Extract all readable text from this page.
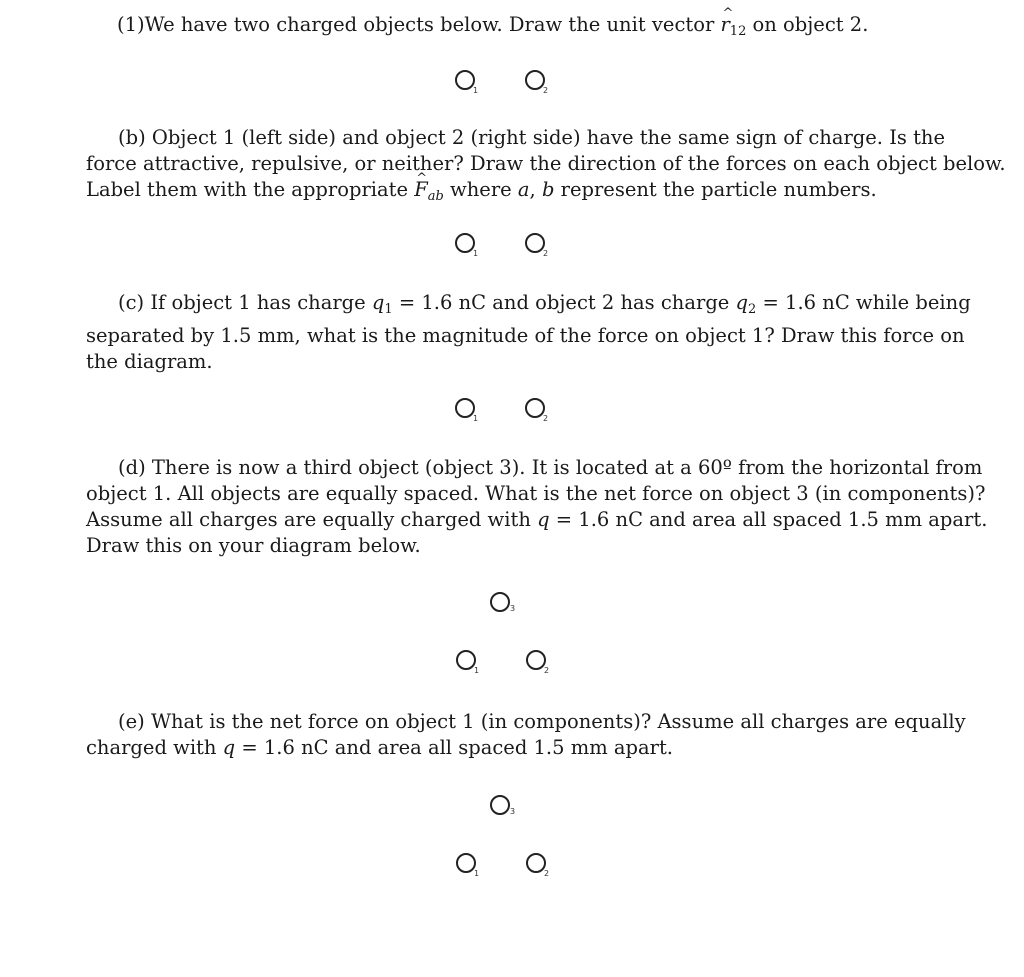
(1)We have two charged objects below. Draw the unit vector ^ $r_{12}$ on object 2.
1	2
(b) Object 1 (left side) and object 2 (right side) have the same sign of charge. Is the
force attractive, repulsive, or neither? Draw the direction of the forces on each object below.
Label them with the appropriate ^ $F_{ab}$ where a, b represent the particle numbers.
1	2
(c) If object 1 has charge $q_1 = 1.6$ nC and object 2 has charge $q_2 = 1.6$ nC while being
separated by 1.5 mm, what is the magnitude of the force on object 1? Draw this force on
the diagram.
1	2
(d) There is now a third object (object 3). It is located at a 60º from the horizontal from
object 1. All objects are equally spaced. What is the net force on object 3 (in components)?
Assume all charges are equally charged with q = 1.6 nC and area all spaced 1.5 mm apart.
Draw this on your diagram below.
3
1	2
(e) What is the net force on object 1 (in components)? Assume all charges are equally
charged with q = 1.6 nC and area all spaced 1.5 mm apart.
3
1	2
